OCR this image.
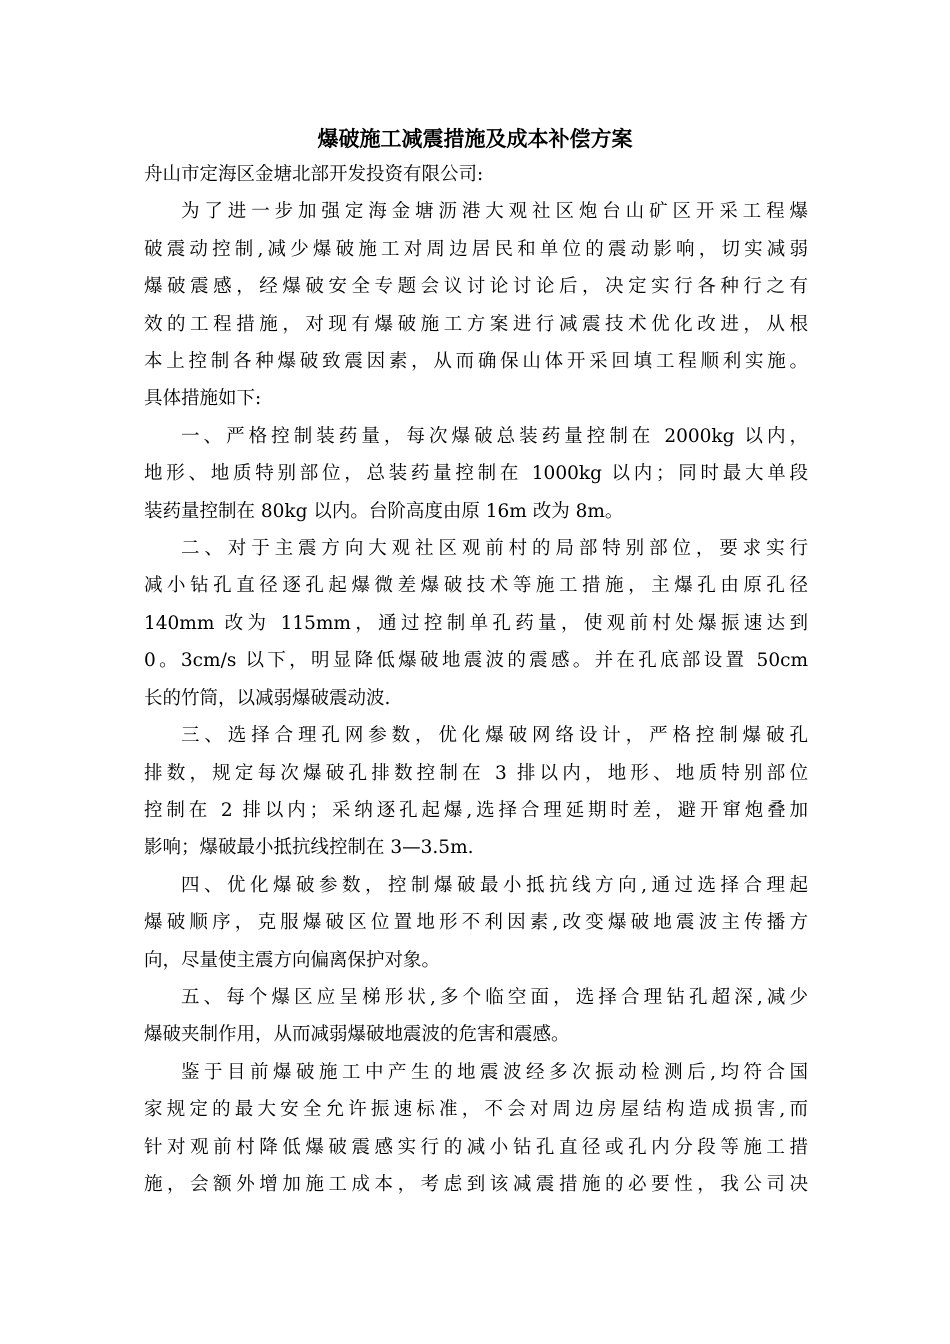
爆破施工减震措施及成本补偿方案

舟山市定海区金塘北部开发投资有限公司:

为了进一步加强定海金塘沥港大观社区炮台山矿区开采工程爆
破震动控制,减少爆破施工对周边居民和单位的震动影响，切实减弱
爆破震感，经爆破安全专题会议讨论讨论后，决定实行各种行之有
效的工程措施，对现有爆破施工方案进行减震技术优化改进，从根
本上控制各种爆破致震因素，从而确保山体开采回填工程顺利实施。
具体措施如下:

一、严格控制装药量，每次爆破总装药量控制在 2000kg 以内，
地形、地质特别部位，总装药量控制在 1000kg 以内；同时最大单段
装药量控制在 80kg 以内。台阶高度由原 16m 改为 8m。

二、对于主震方向大观社区观前村的局部特别部位，要求实行
减小钻孔直径逐孔起爆微差爆破技术等施工措施，主爆孔由原孔径
140mm 改为 115mm，通过控制单孔药量，使观前村处爆振速达到
0。3cm/s 以下，明显降低爆破地震波的震感。并在孔底部设置 50cm
长的竹筒，以减弱爆破震动波.

三、选择合理孔网参数，优化爆破网络设计，严格控制爆破孔
排数，规定每次爆破孔排数控制在 3 排以内，地形、地质特别部位
控制在 2 排以内；采纳逐孔起爆,选择合理延期时差，避开窜炮叠加
影响；爆破最小抵抗线控制在 3—3.5m.

四、优化爆破参数，控制爆破最小抵抗线方向,通过选择合理起
爆破顺序，克服爆破区位置地形不利因素,改变爆破地震波主传播方
向，尽量使主震方向偏离保护对象。

五、每个爆区应呈梯形状,多个临空面，选择合理钻孔超深,减少
爆破夹制作用，从而减弱爆破地震波的危害和震感。

鉴于目前爆破施工中产生的地震波经多次振动检测后,均符合国
家规定的最大安全允许振速标准，不会对周边房屋结构造成损害,而
针对观前村降低爆破震感实行的减小钻孔直径或孔内分段等施工措
施，会额外增加施工成本，考虑到该减震措施的必要性，我公司决
